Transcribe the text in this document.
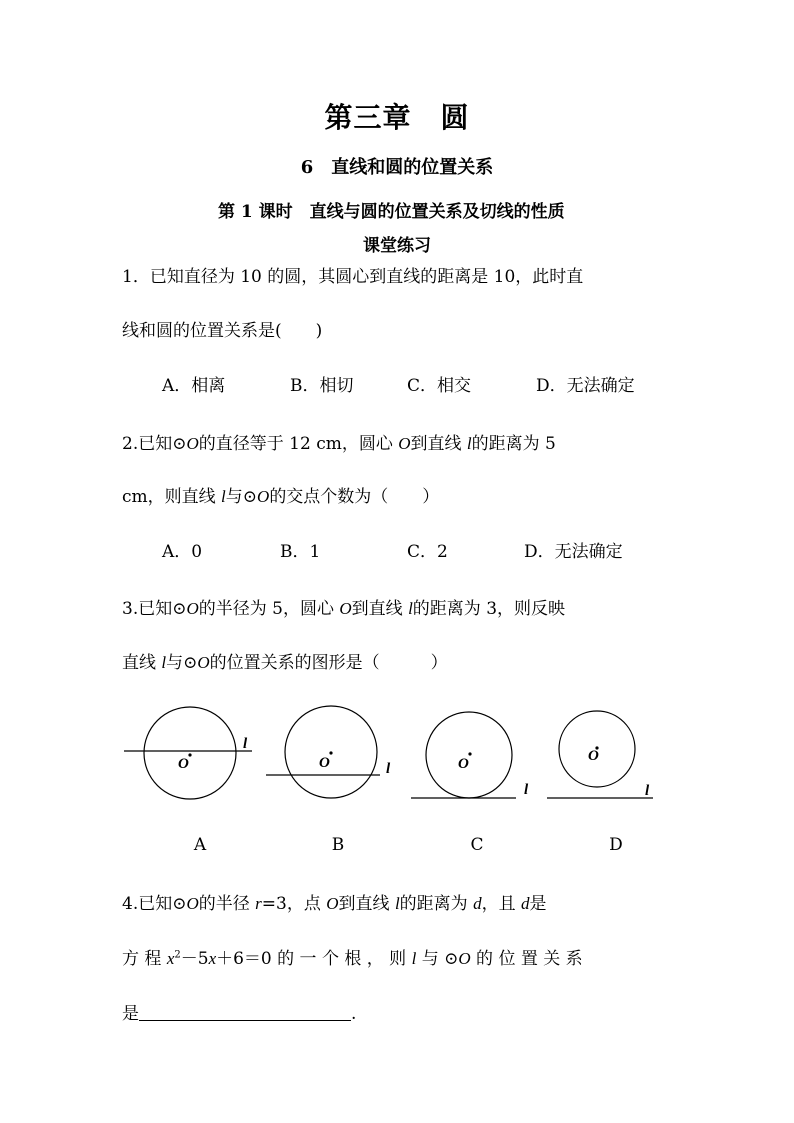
第三章　圆
6　直线和圆的位置关系
第 1 课时　直线与圆的位置关系及切线的性质
课堂练习
1．已知直径为 10 的圆，其圆心到直线的距离是 10，此时直
线和圆的位置关系是(　　)
A．相离	B．相切	C．相交	D．无法确定
2.已知⊙O的直径等于 12 cm，圆心 O到直线 l的距离为 5
cm，则直线 l与⊙O的交点个数为（　　）
A．0	B．1	C．2	D．无法确定
3.已知⊙O的半径为 5，圆心 O到直线 l的距离为 3，则反映
直线 l与⊙O的位置关系的图形是（　　　）
O
l
O	l	O
l
O
l
A	B	C	D
4.已知⊙O的半径 r=3，点 O到直线 l的距离为 d，且 d是
方 程 $x^2-5x+6=0$ 的 一 个 根 ， 则 l 与 ⊙O 的 位 置 关 系
是	.
